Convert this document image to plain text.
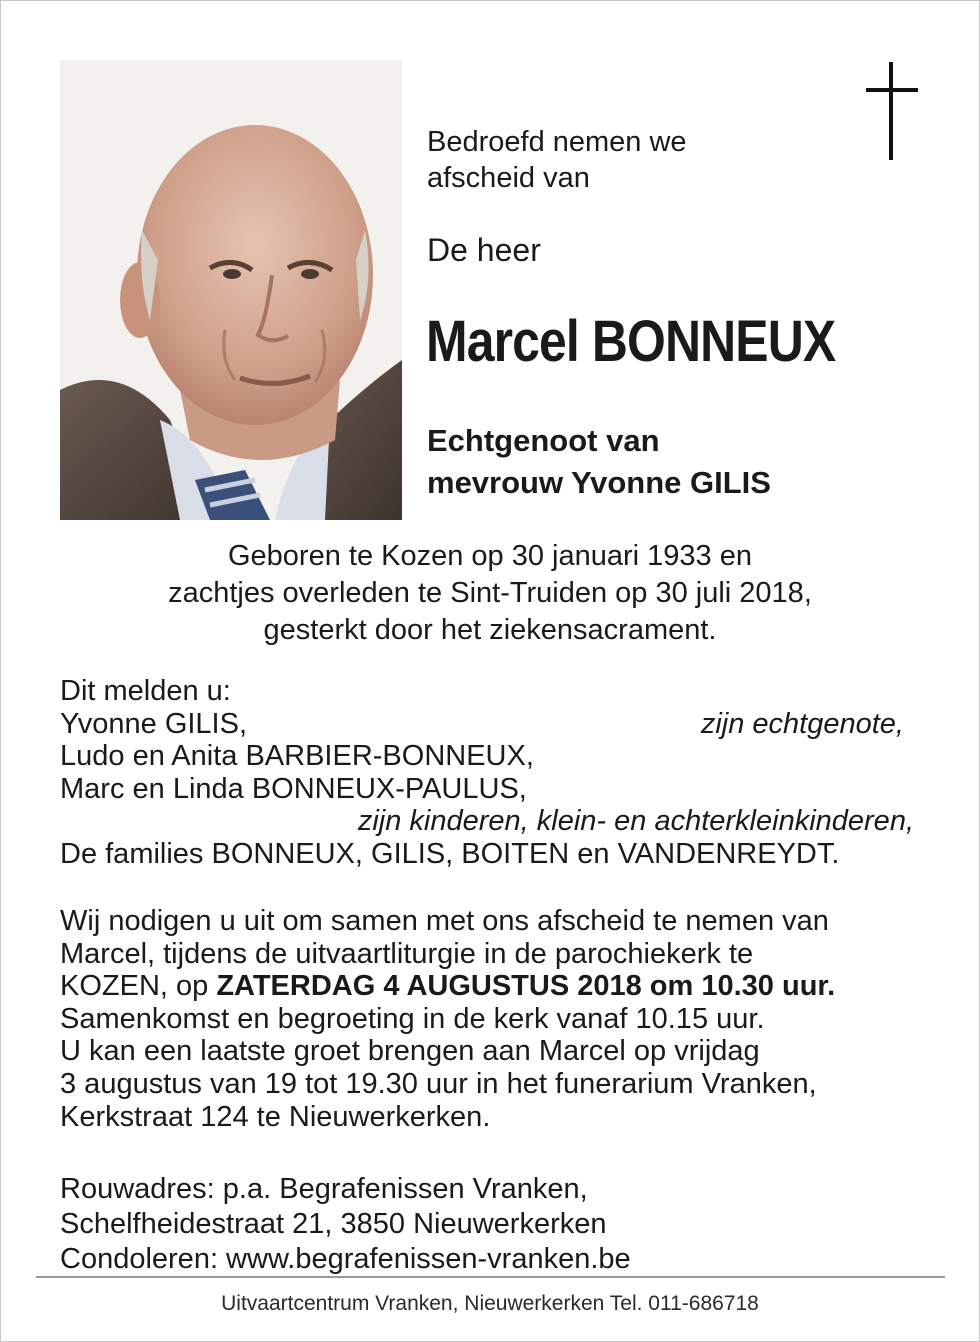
Bedroefd nemen we
afscheid van
De heer
Marcel BONNEUX
Echtgenoot van
mevrouw Yvonne GILIS
Geboren te Kozen op 30 januari 1933 en
zachtjes overleden te Sint-Truiden op 30 juli 2018,
gesterkt door het ziekensacrament.
Dit melden u:
Yvonne GILIS,	zijn echtgenote,
Ludo en Anita BARBIER-BONNEUX,
Marc en Linda BONNEUX-PAULUS,
zijn kinderen, klein- en achterkleinkinderen,
De families BONNEUX, GILIS, BOITEN en VANDENREYDT.
Wij nodigen u uit om samen met ons afscheid te nemen van
Marcel, tijdens de uitvaartliturgie in de parochiekerk te
KOZEN, op ZATERDAG 4 AUGUSTUS 2018 om 10.30 uur.
Samenkomst en begroeting in de kerk vanaf 10.15 uur.
U kan een laatste groet brengen aan Marcel op vrijdag
3 augustus van 19 tot 19.30 uur in het funerarium Vranken,
Kerkstraat 124 te Nieuwerkerken.
Rouwadres: p.a. Begrafenissen Vranken,
Schelfheidestraat 21, 3850 Nieuwerkerken
Condoleren: www.begrafenissen-vranken.be
Uitvaartcentrum Vranken, Nieuwerkerken Tel. 011-686718
